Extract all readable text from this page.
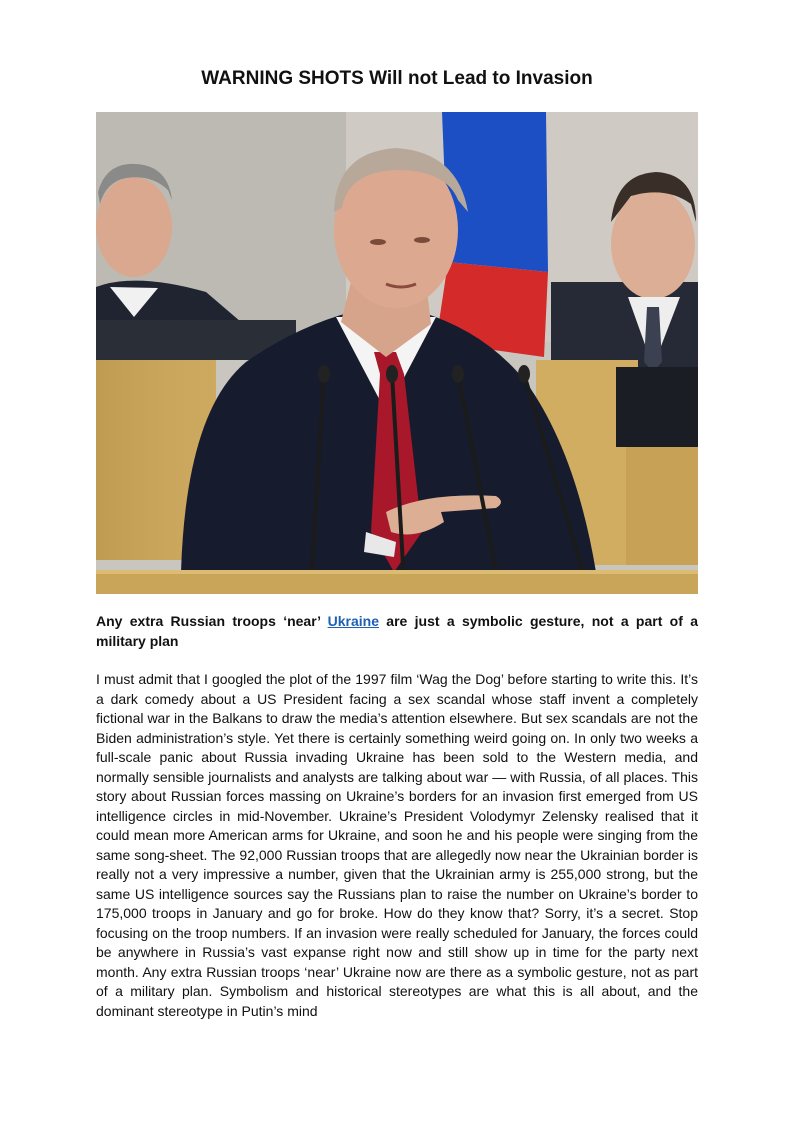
WARNING SHOTS Will not Lead to Invasion
Any extra Russian troops ‘near’ Ukraine are just a symbolic gesture, not a part of a military plan
I must admit that I googled the plot of the 1997 film ‘Wag the Dog’ before starting to write this. It’s a dark comedy about a US President facing a sex scandal whose staff invent a completely fictional war in the Balkans to draw the media’s attention elsewhere. But sex scandals are not the Biden administration’s style. Yet there is certainly something weird going on. In only two weeks a full-scale panic about Russia invading Ukraine has been sold to the Western media, and normally sensible journalists and analysts are talking about war — with Russia, of all places. This story about Russian forces massing on Ukraine’s borders for an invasion first emerged from US intelligence circles in mid-November. Ukraine’s President Volodymyr Zelensky realised that it could mean more American arms for Ukraine, and soon he and his people were singing from the same song-sheet. The 92,000 Russian troops that are allegedly now near the Ukrainian border is really not a very impressive a number, given that the Ukrainian army is 255,000 strong, but the same US intelligence sources say the Russians plan to raise the number on Ukraine’s border to 175,000 troops in January and go for broke. How do they know that? Sorry, it’s a secret. Stop focusing on the troop numbers. If an invasion were really scheduled for January, the forces could be anywhere in Russia’s vast expanse right now and still show up in time for the party next month. Any extra Russian troops ‘near’ Ukraine now are there as a symbolic gesture, not as part of a military plan. Symbolism and historical stereotypes are what this is all about, and the dominant stereotype in Putin’s mind
